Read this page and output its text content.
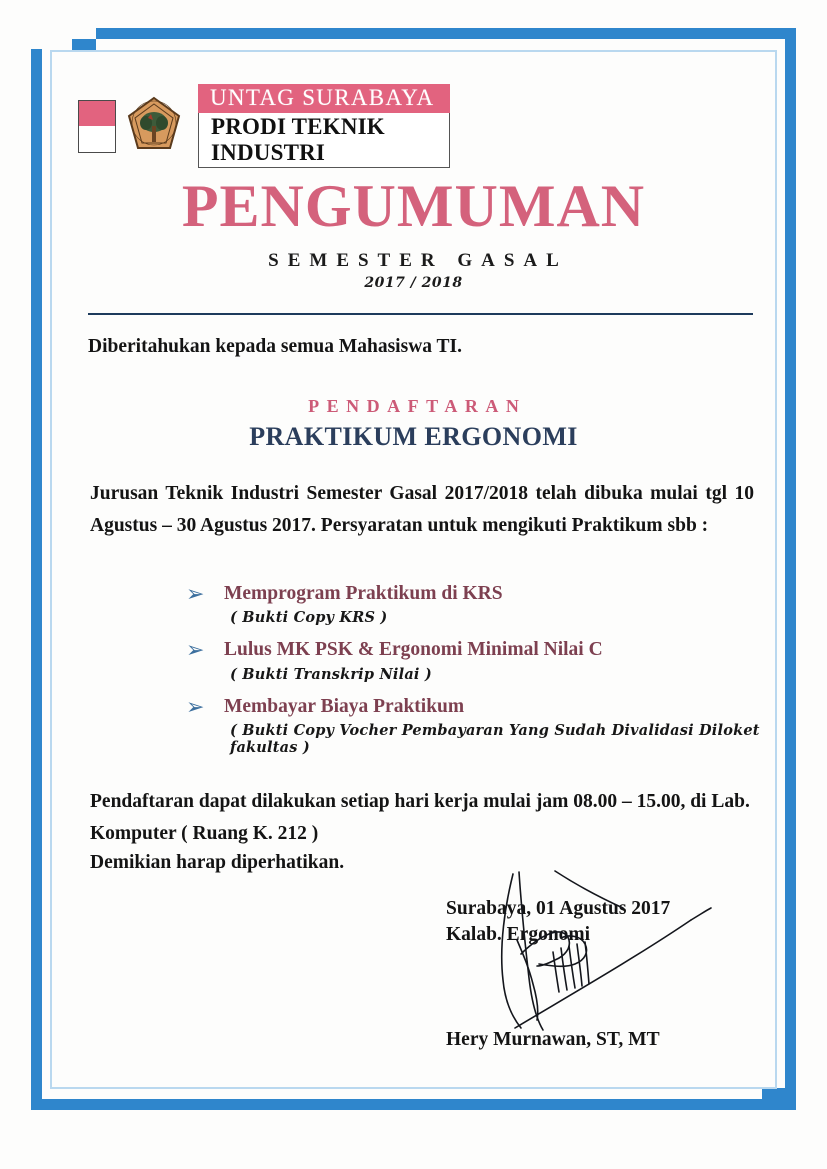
UNTAG SURABAYA
PRODI TEKNIK INDUSTRI
PENGUMUMAN
SEMESTER GASAL
2017 / 2018
Diberitahukan kepada semua Mahasiswa TI.
PENDAFTARAN
PRAKTIKUM ERGONOMI
Jurusan Teknik Industri Semester Gasal 2017/2018 telah dibuka mulai tgl 10 Agustus – 30 Agustus 2017. Persyaratan untuk mengikuti Praktikum sbb :
➢	Memprogram Praktikum di KRS
( Bukti Copy KRS )
➢	Lulus MK PSK & Ergonomi Minimal Nilai C
( Bukti Transkrip Nilai )
➢	Membayar Biaya Praktikum
( Bukti Copy Vocher Pembayaran Yang Sudah Divalidasi Diloket fakultas )
Pendaftaran dapat dilakukan setiap hari kerja mulai jam 08.00 – 15.00, di Lab. Komputer ( Ruang K. 212 )
Demikian harap diperhatikan.
Surabaya, 01 Agustus 2017
Kalab. Ergonomi
Hery Murnawan, ST, MT
